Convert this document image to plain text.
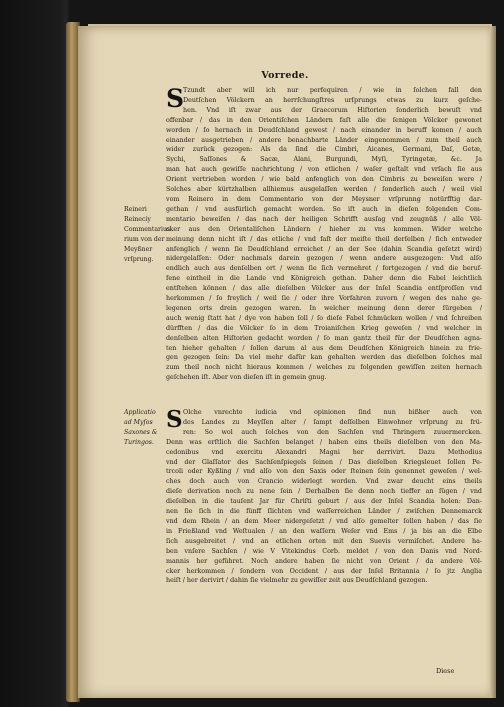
Vorrede.
Reineri
Reineciy
Commentarius
rium von der
Meyßner
vrſprung.
S
Tzundt aber will ich nur perfequiren / wie in ſolchen fall den
Deutſchen Völckern an herrſchungſtres urſprungs etwas zu kurz geſche-
hen. Vnd iſt zwar aus der Graecorum Hiſtorien ſonderlich bewuſt vnd
offenbar / das in den Orientiſchen Ländern faſt alle die ſenigen Völcker gewonet
worden / ſo hernach in Deudſchland gewest / nach einander in beruff komen / auch
einander ausgetrieben / andere benachbarte Länder eingenommen / zum theil auch
wider zurück gezogen: Als da ſind die Cimbri, Aicanes, Germani, Daſ, Getæ,
Sychi, Saſſones & Sacæ, Alani, Burgundi, Myſi, Tyringetæ, &c. Ja
man hat auch gewiſſe nachrichtung / von etlichen / waſer geſtalt vnd vrſach ſie aus
Orient vertrieben worden / wie bald anfenglich von den Cimbris zu beweiſen were /
Solches aber kürtzhalben allhiemus ausgelaſſen werden / ſonderlich auch / weil viel
vom Reinero in dem Commentario von der Meysner vrſprunng notürfftig dar-
gethan / vnd ausfürlich gemacht worden. So iſt auch in dieſen folgenden Com-
mentario beweiſen / das nach der heiligen Schrifft ausſag vnd zeugnüß / alle Völ-
cker aus den Orientaliſchen Ländern / hieher zu vns kommen. Wider welche
meinung denn nicht iſt / das etliche / vnd faſt der meiſte theil derſelben / ſich entweder
anfenglich / wenn ſie Deudſchland erreichet / an der See (dahin Scandia geſetzt wird)
nidergelaſſen: Oder nachmals darein gezogen / wenn andere ausgezogen: Vnd alſo
endlich auch aus denſelben ort / wenn ſie ſich vermehret / fortgezogen / vnd die beruf-
fene eintheil in die Lande vnd Königreich gethan. Daher denn die Fabel leichtlich
entſtehen können / das alle dieſelben Völcker aus der Inſel Scandia entſproſſen vnd
herkommen / ſo freylich / weil ſie / oder ihre Vorfahren zuvorn / wegen des nahe ge-
legenen orts drein gezogen waren. In welcher meinung denn derer ſürgeben /
auch wenig ſtatt hat / dye von haben ſoll / ſo dieſe Fabel ſchmücken wollen / vnd ſchreiben
dürfften / das die Völcker ſo in dem Troianiſchen Krieg geweſen / vnd welcher in
denſelben alten Hiſtorien gedacht worden / ſo man gantz theil für der Deudſchen agna-
ten hieher gehalten / ſollen darum al aus dem Deudſchen Königreich hinein zu frie-
gen gezogen ſein: Da viel mehr dafür kan gehalten werden das dieſelben ſolches mal
zum theil noch nicht hieraus kommen / welches zu folgenden gewiſſen zeiten hernach
geſchehen iſt. Aber von dieſen iſt in gemein gnug.
Applicatio
ad Myſos
Saxones &
Turingos.
S Olche vnrechte iudicia vnd opinionen ſind nun bißher auch von
des Landes zu Meyſſen alter / ſampt deſſelben Einwohner vrſprung zu frü-
ren: So wol auch ſolches von den Sachſen vnd Thringern zuuermercken.
Denn was erſtlich die Sachſen belanget / haben eins theils dieſelben von den Ma-
cedonibus vnd exercitu Alexandri Magni her derrivirt. Dazu Methodius
vnd der Glaſſator des Sachſenſpiegels ſeinen / Das dieſelben Kriegsleuet ſollen Pe-
trcoli oder Kyßling / vnd alſo von den Saxis oder ſteinen ſein genennet geweſen / wel-
ches doch auch von Crancio widerlegt worden. Vnd zwar deucht eins theils
dieſe derivation noch zu nene ſein / Derhalben ſie denn noch tieffer an ſügen / vnd
dieſelben in die tauſent Jar für Chriſti geburt / aus der Inſel Scandia holen: Dan-
nen ſie ſich in die fünff ſlichten vnd waſſerreichen Länder / zwiſchen Dennemarck
vnd dem Rhein / an dem Meer nidergeſetzt / vnd alſo gemelter ſollen haben / das ſie
in Frießland vnd Weſtualen / an den waſſern Weſer vnd Ems / ja bis an die Elbe
ſich ausgebreitet / vnd an etlichen orten mit den Suevis vermiſchet. Andere ha-
ben vnſere Sachſen / wie V Vitekindus Corb. meldet / von den Danis vnd Nord-
mannis her geführet. Noch andere haben ſie nicht von Orient / da andere Völ-
cker herkommen / ſondern von Occident / aus der Inſel Britannia / ſo jtz Anglia
heiſt / her derivirt / dahin ſie vielmehr zu gewiſſer zeit aus Deudſchland gezogen.
Diese
